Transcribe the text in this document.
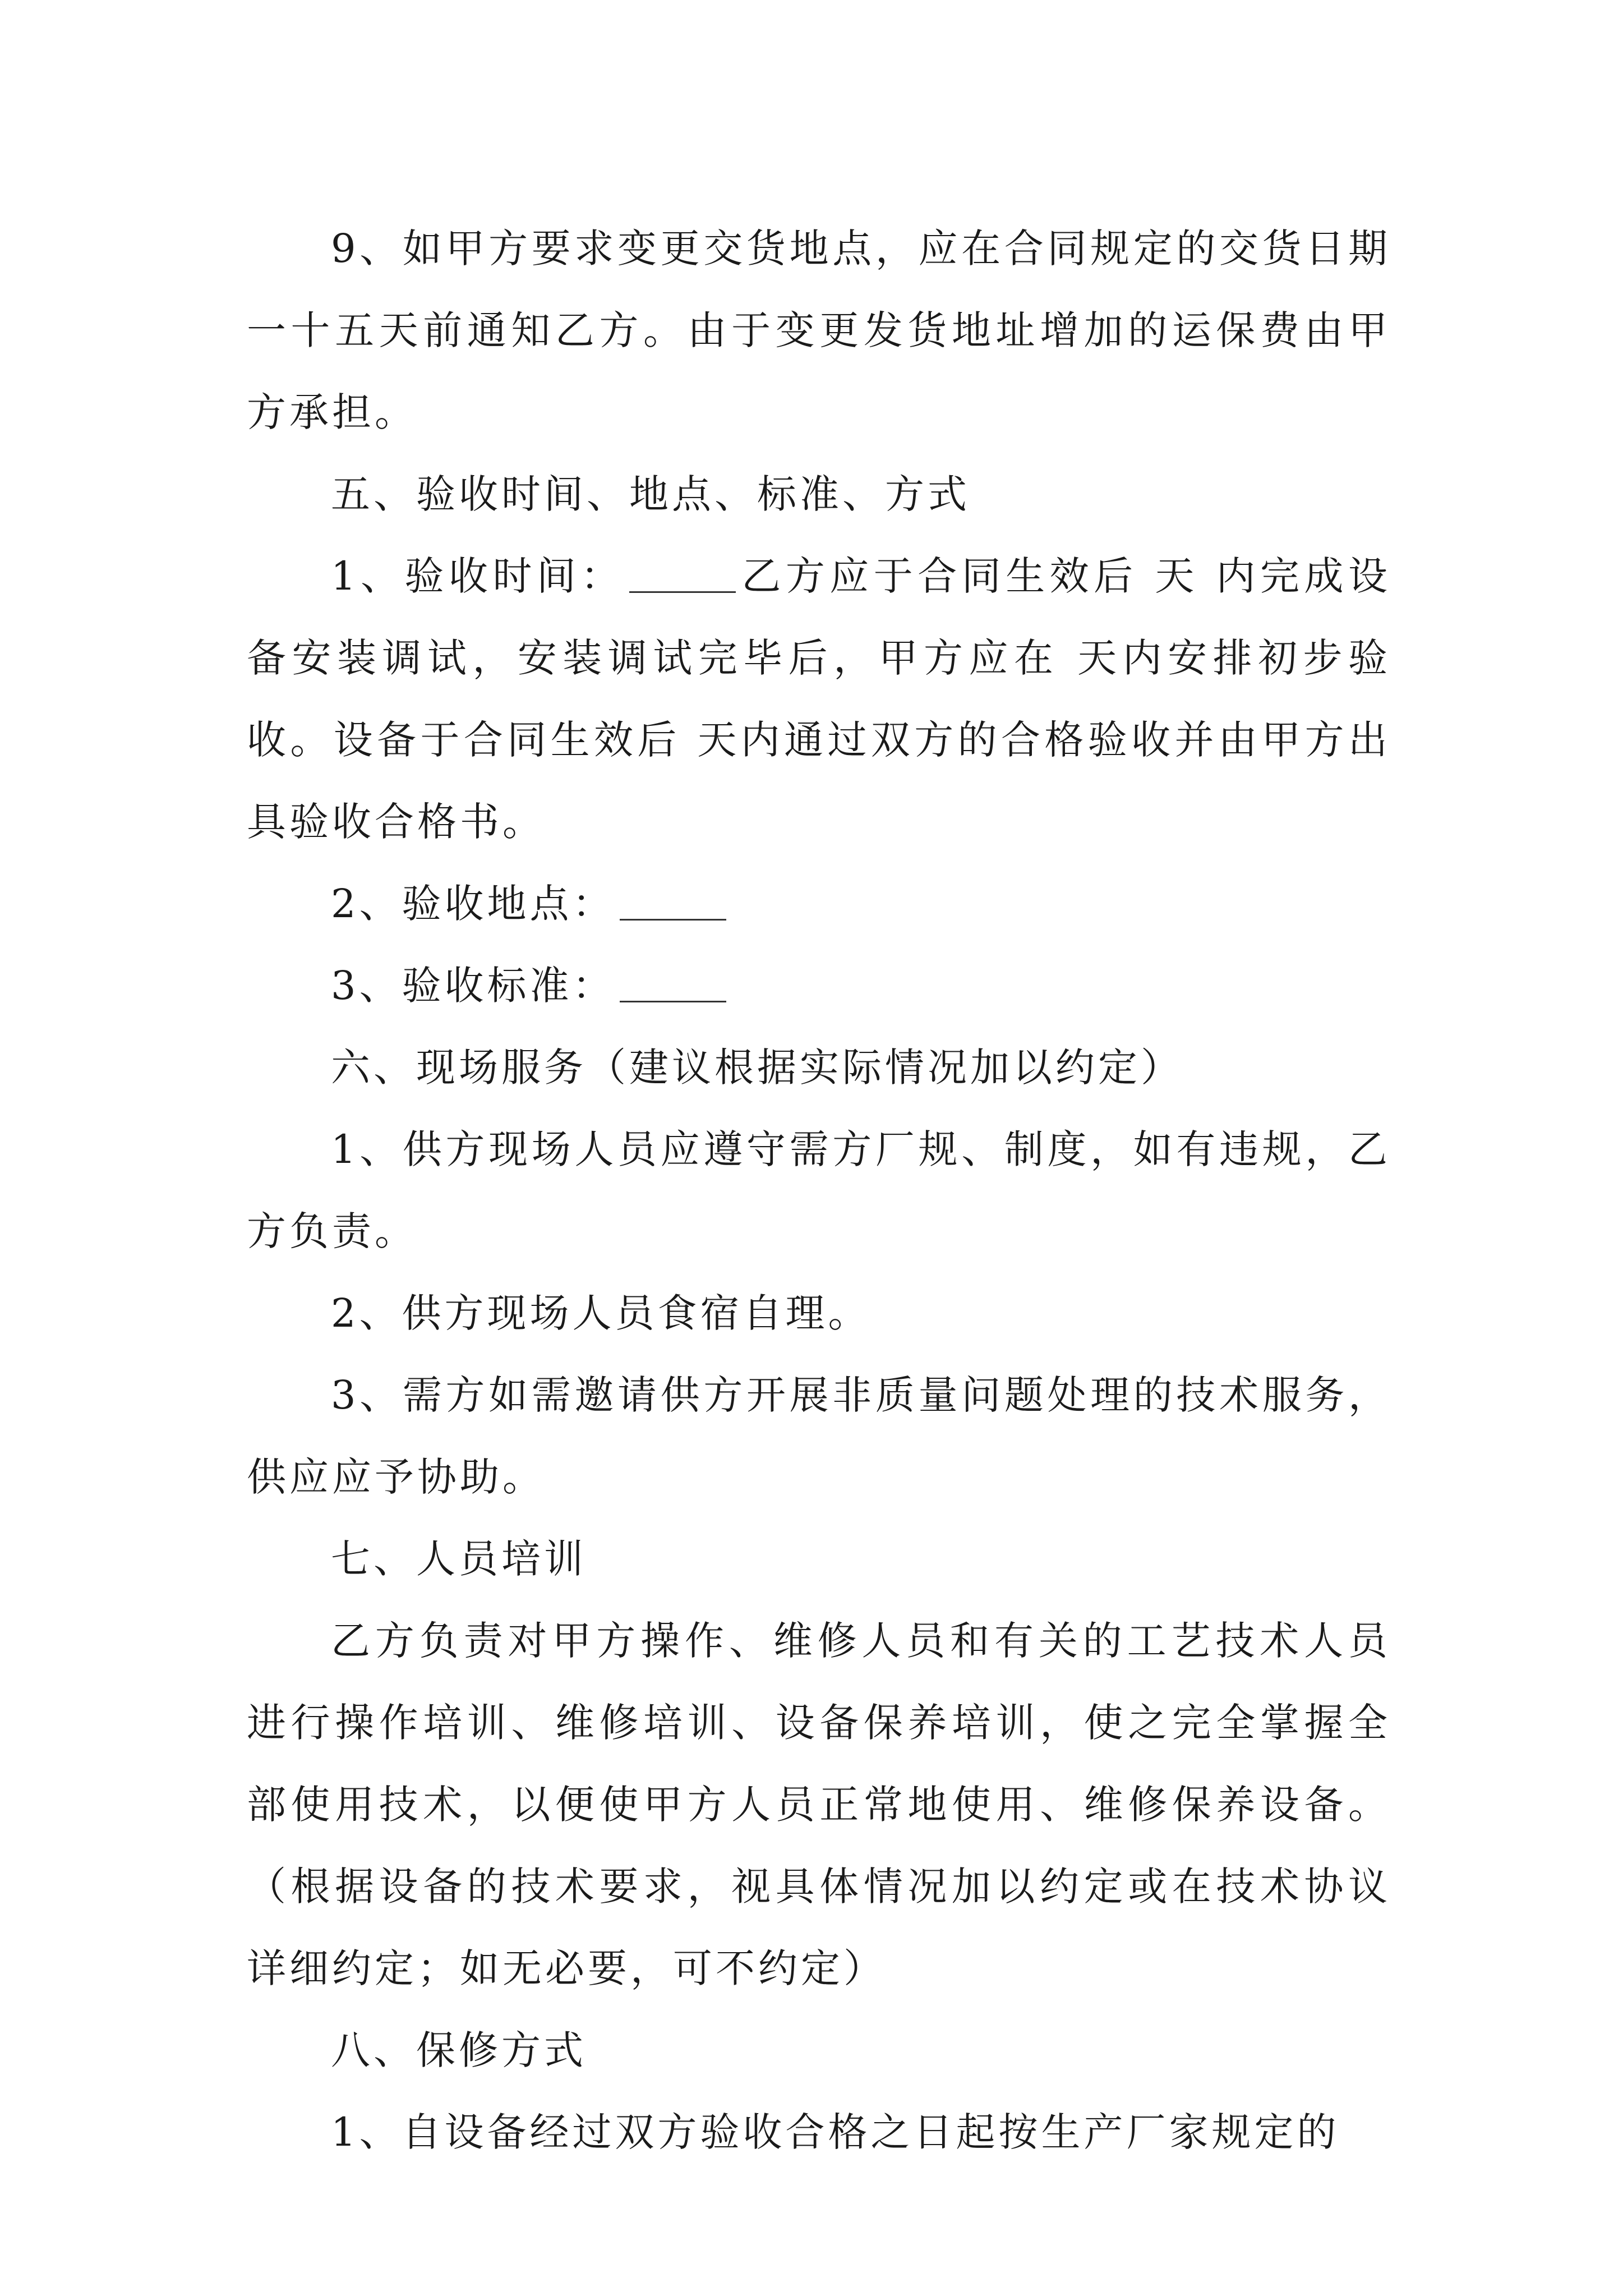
9、如甲方要求变更交货地点，应在合同规定的交货日期一十五天前通知乙方。由于变更发货地址增加的运保费由甲方承担。

五、验收时间、地点、标准、方式

1、验收时间：	乙方应于合同生效后 天 内完成设备安装调试，安装调试完毕后，甲方应在 天内安排初步验收。设备于合同生效后 天内通过双方的合格验收并由甲方出具验收合格书。

2、验收地点：

3、验收标准：

六、现场服务（建议根据实际情况加以约定）

1、供方现场人员应遵守需方厂规、制度，如有违规，乙方负责。

2、供方现场人员食宿自理。

3、需方如需邀请供方开展非质量问题处理的技术服务，供应应予协助。

七、人员培训

乙方负责对甲方操作、维修人员和有关的工艺技术人员进行操作培训、维修培训、设备保养培训，使之完全掌握全部使用技术，以便使甲方人员正常地使用、维修保养设备。（根据设备的技术要求，视具体情况加以约定或在技术协议详细约定；如无必要，可不约定）

八、保修方式

1、自设备经过双方验收合格之日起按生产厂家规定的
